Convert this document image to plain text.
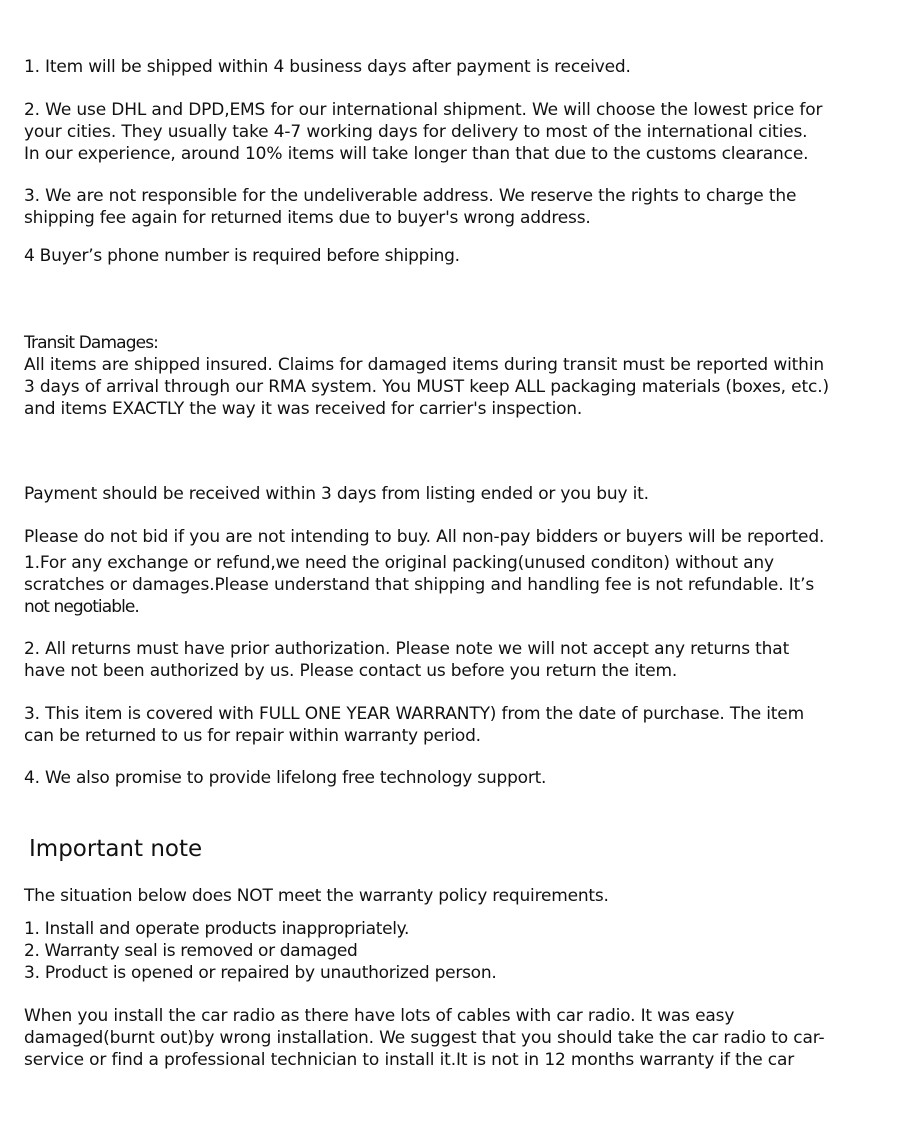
1. Item will be shipped within 4 business days after payment is received.

2. We use DHL and DPD,EMS for our international shipment. We will choose the lowest price for
your cities. They usually take 4-7 working days for delivery to most of the international cities.
In our experience, around 10% items will take longer than that due to the customs clearance.

3. We are not responsible for the undeliverable address. We reserve the rights to charge the
shipping fee again for returned items due to buyer's wrong address.

4 Buyer’s phone number is required before shipping.

Transit Damages:
All items are shipped insured. Claims for damaged items during transit must be reported within
3 days of arrival through our RMA system. You MUST keep ALL packaging materials (boxes, etc.)
and items EXACTLY the way it was received for carrier's inspection.

Payment should be received within 3 days from listing ended or you buy it.

Please do not bid if you are not intending to buy. All non-pay bidders or buyers will be reported.

1.For any exchange or refund,we need the original packing(unused conditon) without any
scratches or damages.Please understand that shipping and handling fee is not refundable. It’s
not negotiable.

2. All returns must have prior authorization. Please note we will not accept any returns that
have not been authorized by us. Please contact us before you return the item.

3. This item is covered with FULL ONE YEAR WARRANTY) from the date of purchase. The item
can be returned to us for repair within warranty period.

4. We also promise to provide lifelong free technology support.

Important note

The situation below does NOT meet the warranty policy requirements.

1. Install and operate products inappropriately.
2. Warranty seal is removed or damaged
3. Product is opened or repaired by unauthorized person.

When you install the car radio as there have lots of cables with car radio. It was easy
damaged(burnt out)by wrong installation. We suggest that you should take the car radio to car-
service or find a professional technician to install it.It is not in 12 months warranty if the car
